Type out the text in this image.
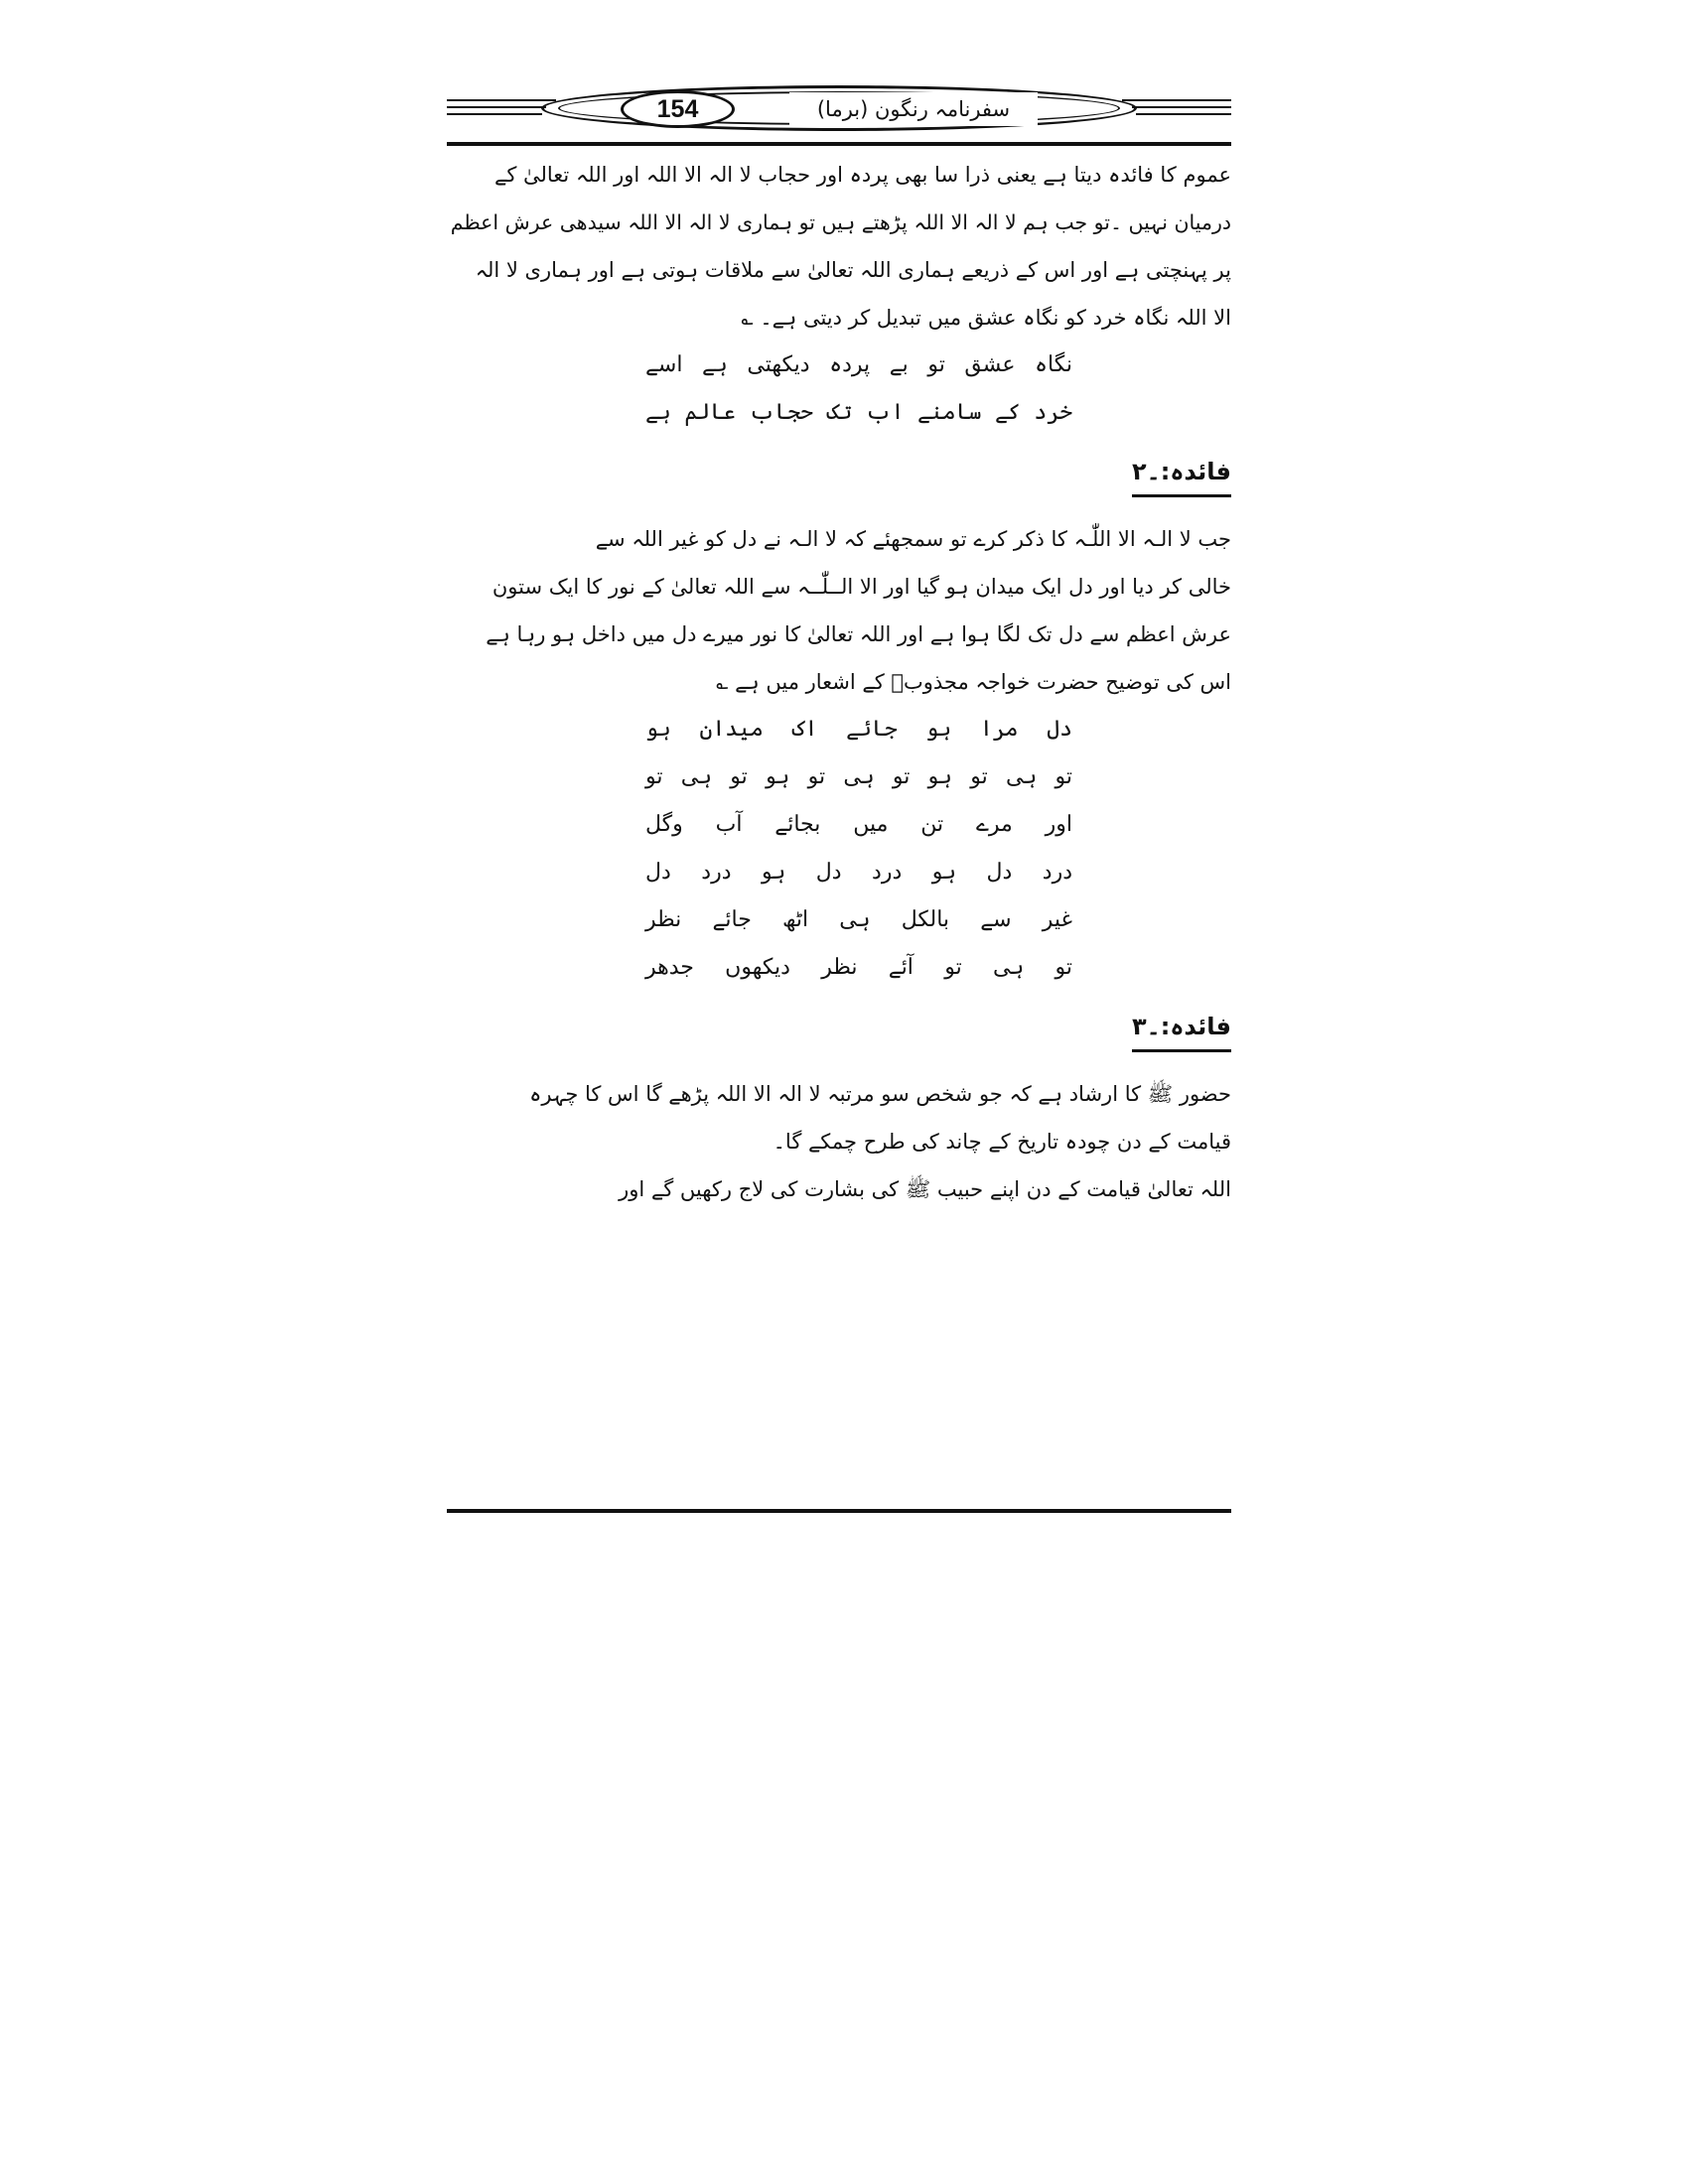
154	سفرنامہ رنگون (برما)
عموم کا فائدہ دیتا ہے یعنی ذرا سا بھی پردہ اور حجاب لا الہ الا اللہ اور اللہ تعالیٰ کے
درمیان نہیں ۔تو جب ہم لا الہ الا اللہ پڑھتے ہیں تو ہماری لا الہ الا اللہ سیدھی عرش اعظم
پر پہنچتی ہے اور اس کے ذریعے ہماری اللہ تعالیٰ سے ملاقات ہوتی ہے اور ہماری لا الہ
الا اللہ نگاہ خرد کو نگاہ عشق میں تبدیل کر دیتی ہے۔ ؎
نگاہ عشق تو بے پردہ دیکھتی ہے اسے
خرد کے سامنے اب تک حجاب عالم ہے
فائدہ:۔۲
جب لا الـہ الا اللّٰـہ کا ذکر کرے تو سمجھئے کہ لا الـہ نے دل کو غیر اللہ سے
خالی کر دیا اور دل ایک میدان ہو گیا اور الا الــلّٰــہ سے اللہ تعالیٰ کے نور کا ایک ستون
عرش اعظم سے دل تک لگا ہوا ہے اور اللہ تعالیٰ کا نور میرے دل میں داخل ہو رہا ہے
اس کی توضیح حضرت خواجہ مجذوبؒ کے اشعار میں ہے ؎
دل مرا ہو جائے اک میدان ہو
تو ہی تو ہو تو ہی تو ہو تو ہی تو
اور مرے تن میں بجائے آب وگل
درد دل ہو درد دل ہو درد دل
غیر سے بالکل ہی اٹھ جائے نظر
تو ہی تو آئے نظر دیکھوں جدھر
فائدہ:۔۳
حضور ﷺ کا ارشاد ہے کہ جو شخص سو مرتبہ لا الہ الا اللہ پڑھے گا اس کا چہرہ
قیامت کے دن چودہ تاریخ کے چاند کی طرح چمکے گا۔
اللہ تعالیٰ قیامت کے دن اپنے حبیب ﷺ کی بشارت کی لاج رکھیں گے اور
